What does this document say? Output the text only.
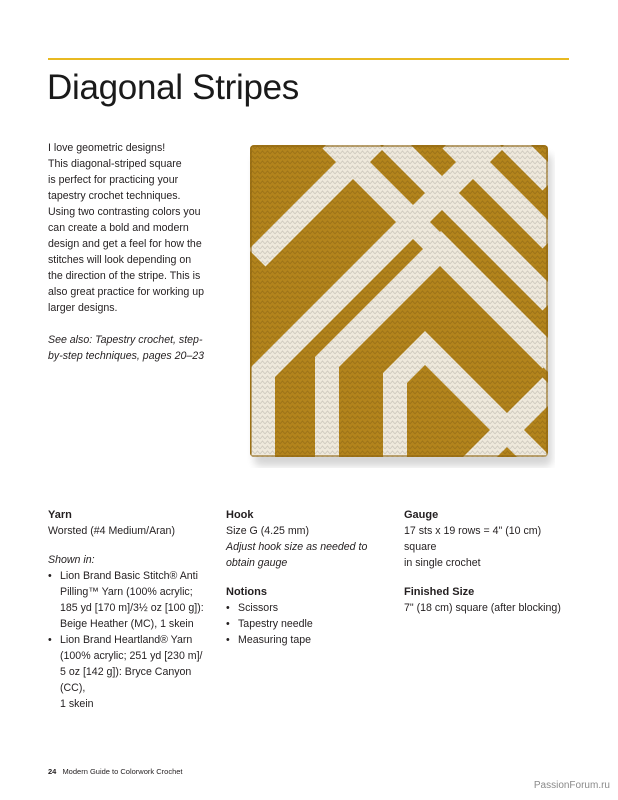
Diagonal Stripes

I love geometric designs!
This diagonal-striped square
is perfect for practicing your
tapestry crochet techniques.
Using two contrasting colors you
can create a bold and modern
design and get a feel for how the
stitches will look depending on
the direction of the stripe. This is
also great practice for working up
larger designs.

See also: Tapestry crochet, step-
by-step techniques, pages 20–23

Yarn

Worsted (#4 Medium/Aran)

Shown in:

• Lion Brand Basic Stitch® Anti
Pilling™ Yarn (100% acrylic;
185 yd [170 m]/3½ oz [100 g]):
Beige Heather (MC), 1 skein
• Lion Brand Heartland® Yarn
(100% acrylic; 251 yd [230 m]/
5 oz [142 g]): Bryce Canyon (CC),
1 skein
Hook

Size G (4.25 mm)

Adjust hook size as needed to
obtain gauge

Notions
• Scissors
• Tapestry needle
• Measuring tape
Gauge

17 sts x 19 rows = 4" (10 cm) square
in single crochet

Finished Size

7" (18 cm) square (after blocking)

24 Modern Guide to Colorwork Crochet
PassionForum.ru
